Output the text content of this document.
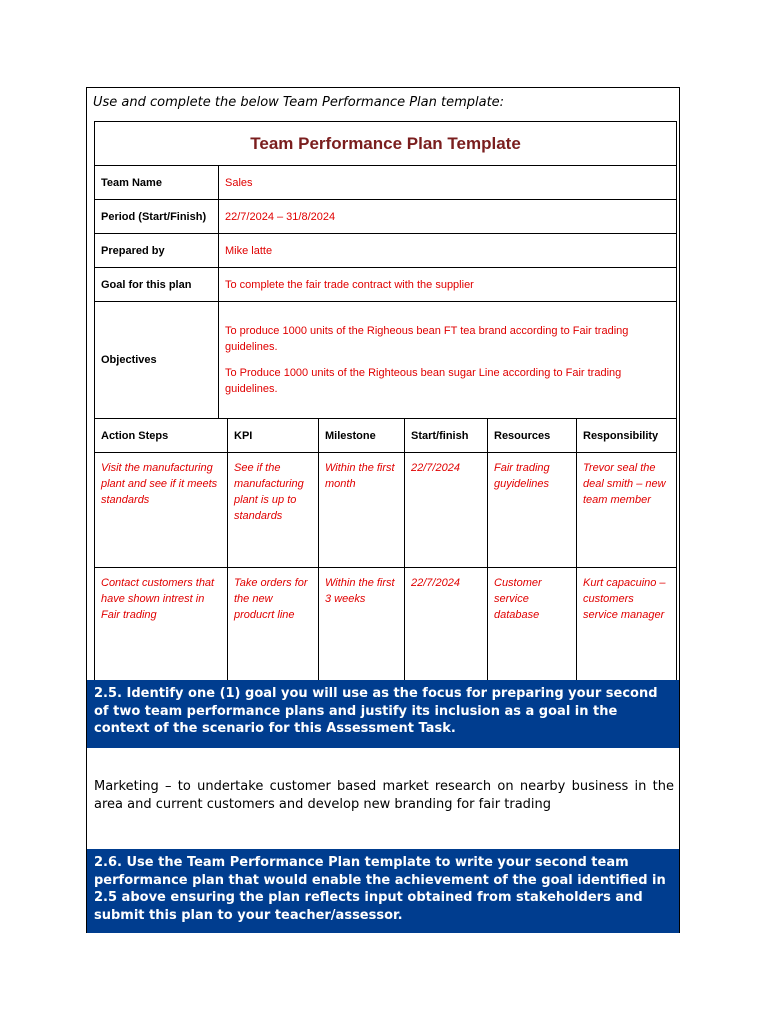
Use and complete the below Team Performance Plan template:
Team Performance Plan Template						
Team Name	Sales					
Period (Start/Finish)	22/7/2024 – 31/8/2024					
Prepared by	Mike latte					
Goal for this plan	To complete the fair trade contract with the supplier					
Objectives	To produce 1000 units of the Righeous bean FT tea brand according to Fair trading guidelines.

To Produce 1000 units of the Righteous bean sugar Line according to Fair trading guidelines.					

Action Steps		KPI	Milestone	Start/finish	Resources	Responsibility
Visit the manufacturing plant and see if it meets standards		See if the manufacturing plant is up to standards	Within the first month	22/7/2024	Fair trading guyidelines	Trevor seal the deal smith – new team member
Contact customers that have shown intrest in Fair trading		Take orders for the new producrt line	Within the first 3 weeks	22/7/2024	Customer service database	Kurt capacuino – customers service manager
2.5. Identify one (1) goal you will use as the focus for preparing your second of two team performance plans and justify its inclusion as a goal in the context of the scenario for this Assessment Task.
Marketing – to undertake customer based market research on nearby business in the area and current customers and develop new branding for fair trading
2.6. Use the Team Performance Plan template to write your second team performance plan that would enable the achievement of the goal identified in 2.5 above ensuring the plan reflects input obtained from stakeholders and submit this plan to your teacher/assessor.
